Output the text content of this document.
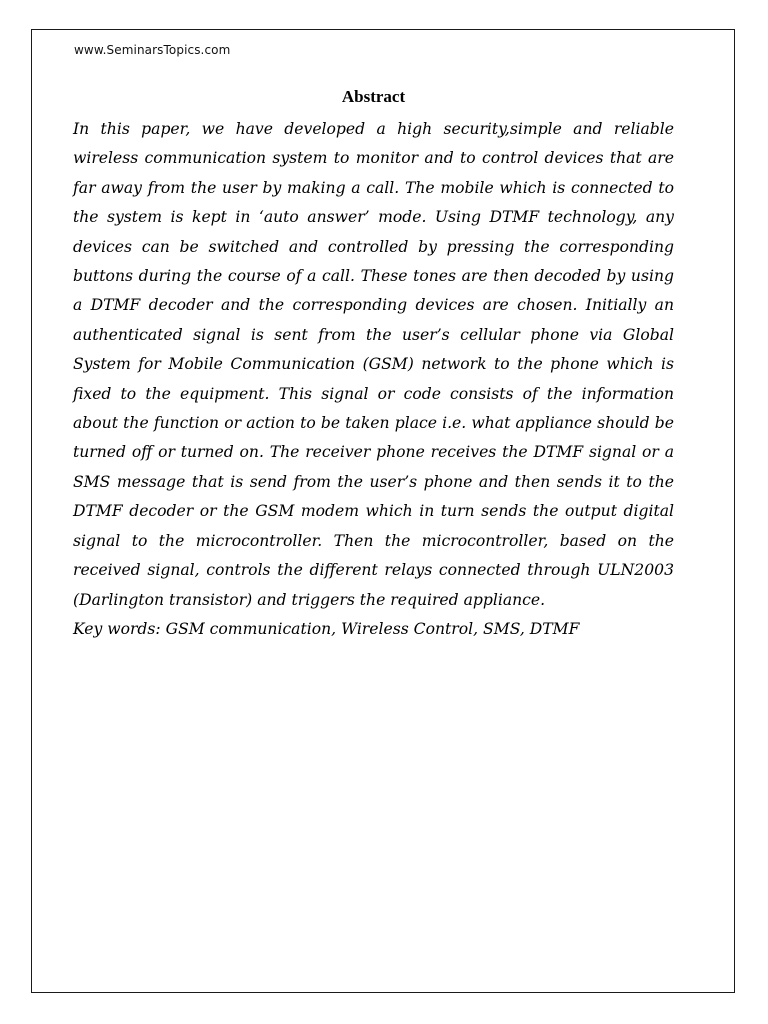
www.SeminarsTopics.com
Abstract

In this paper, we have developed a high security,simple and reliable wireless communication system to monitor and to control devices that are far away from the user by making a call. The mobile which is connected to the system is kept in ‘auto answer’ mode. Using DTMF technology, any devices can be switched and controlled by pressing the corresponding buttons during the course of a call. These tones are then decoded by using a DTMF decoder and the corresponding devices are chosen. Initially an authenticated signal is sent from the user’s cellular phone via Global System for Mobile Communication (GSM) network to the phone which is fixed to the equipment. This signal or code consists of the information about the function or action to be taken place i.e. what appliance should be turned off or turned on. The receiver phone receives the DTMF signal or a SMS message that is send from the user’s phone and then sends it to the DTMF decoder or the GSM modem which in turn sends the output digital signal to the microcontroller. Then the microcontroller, based on the received signal, controls the different relays connected through ULN2003 (Darlington transistor) and triggers the required appliance.

Key words: GSM communication, Wireless Control, SMS, DTMF
